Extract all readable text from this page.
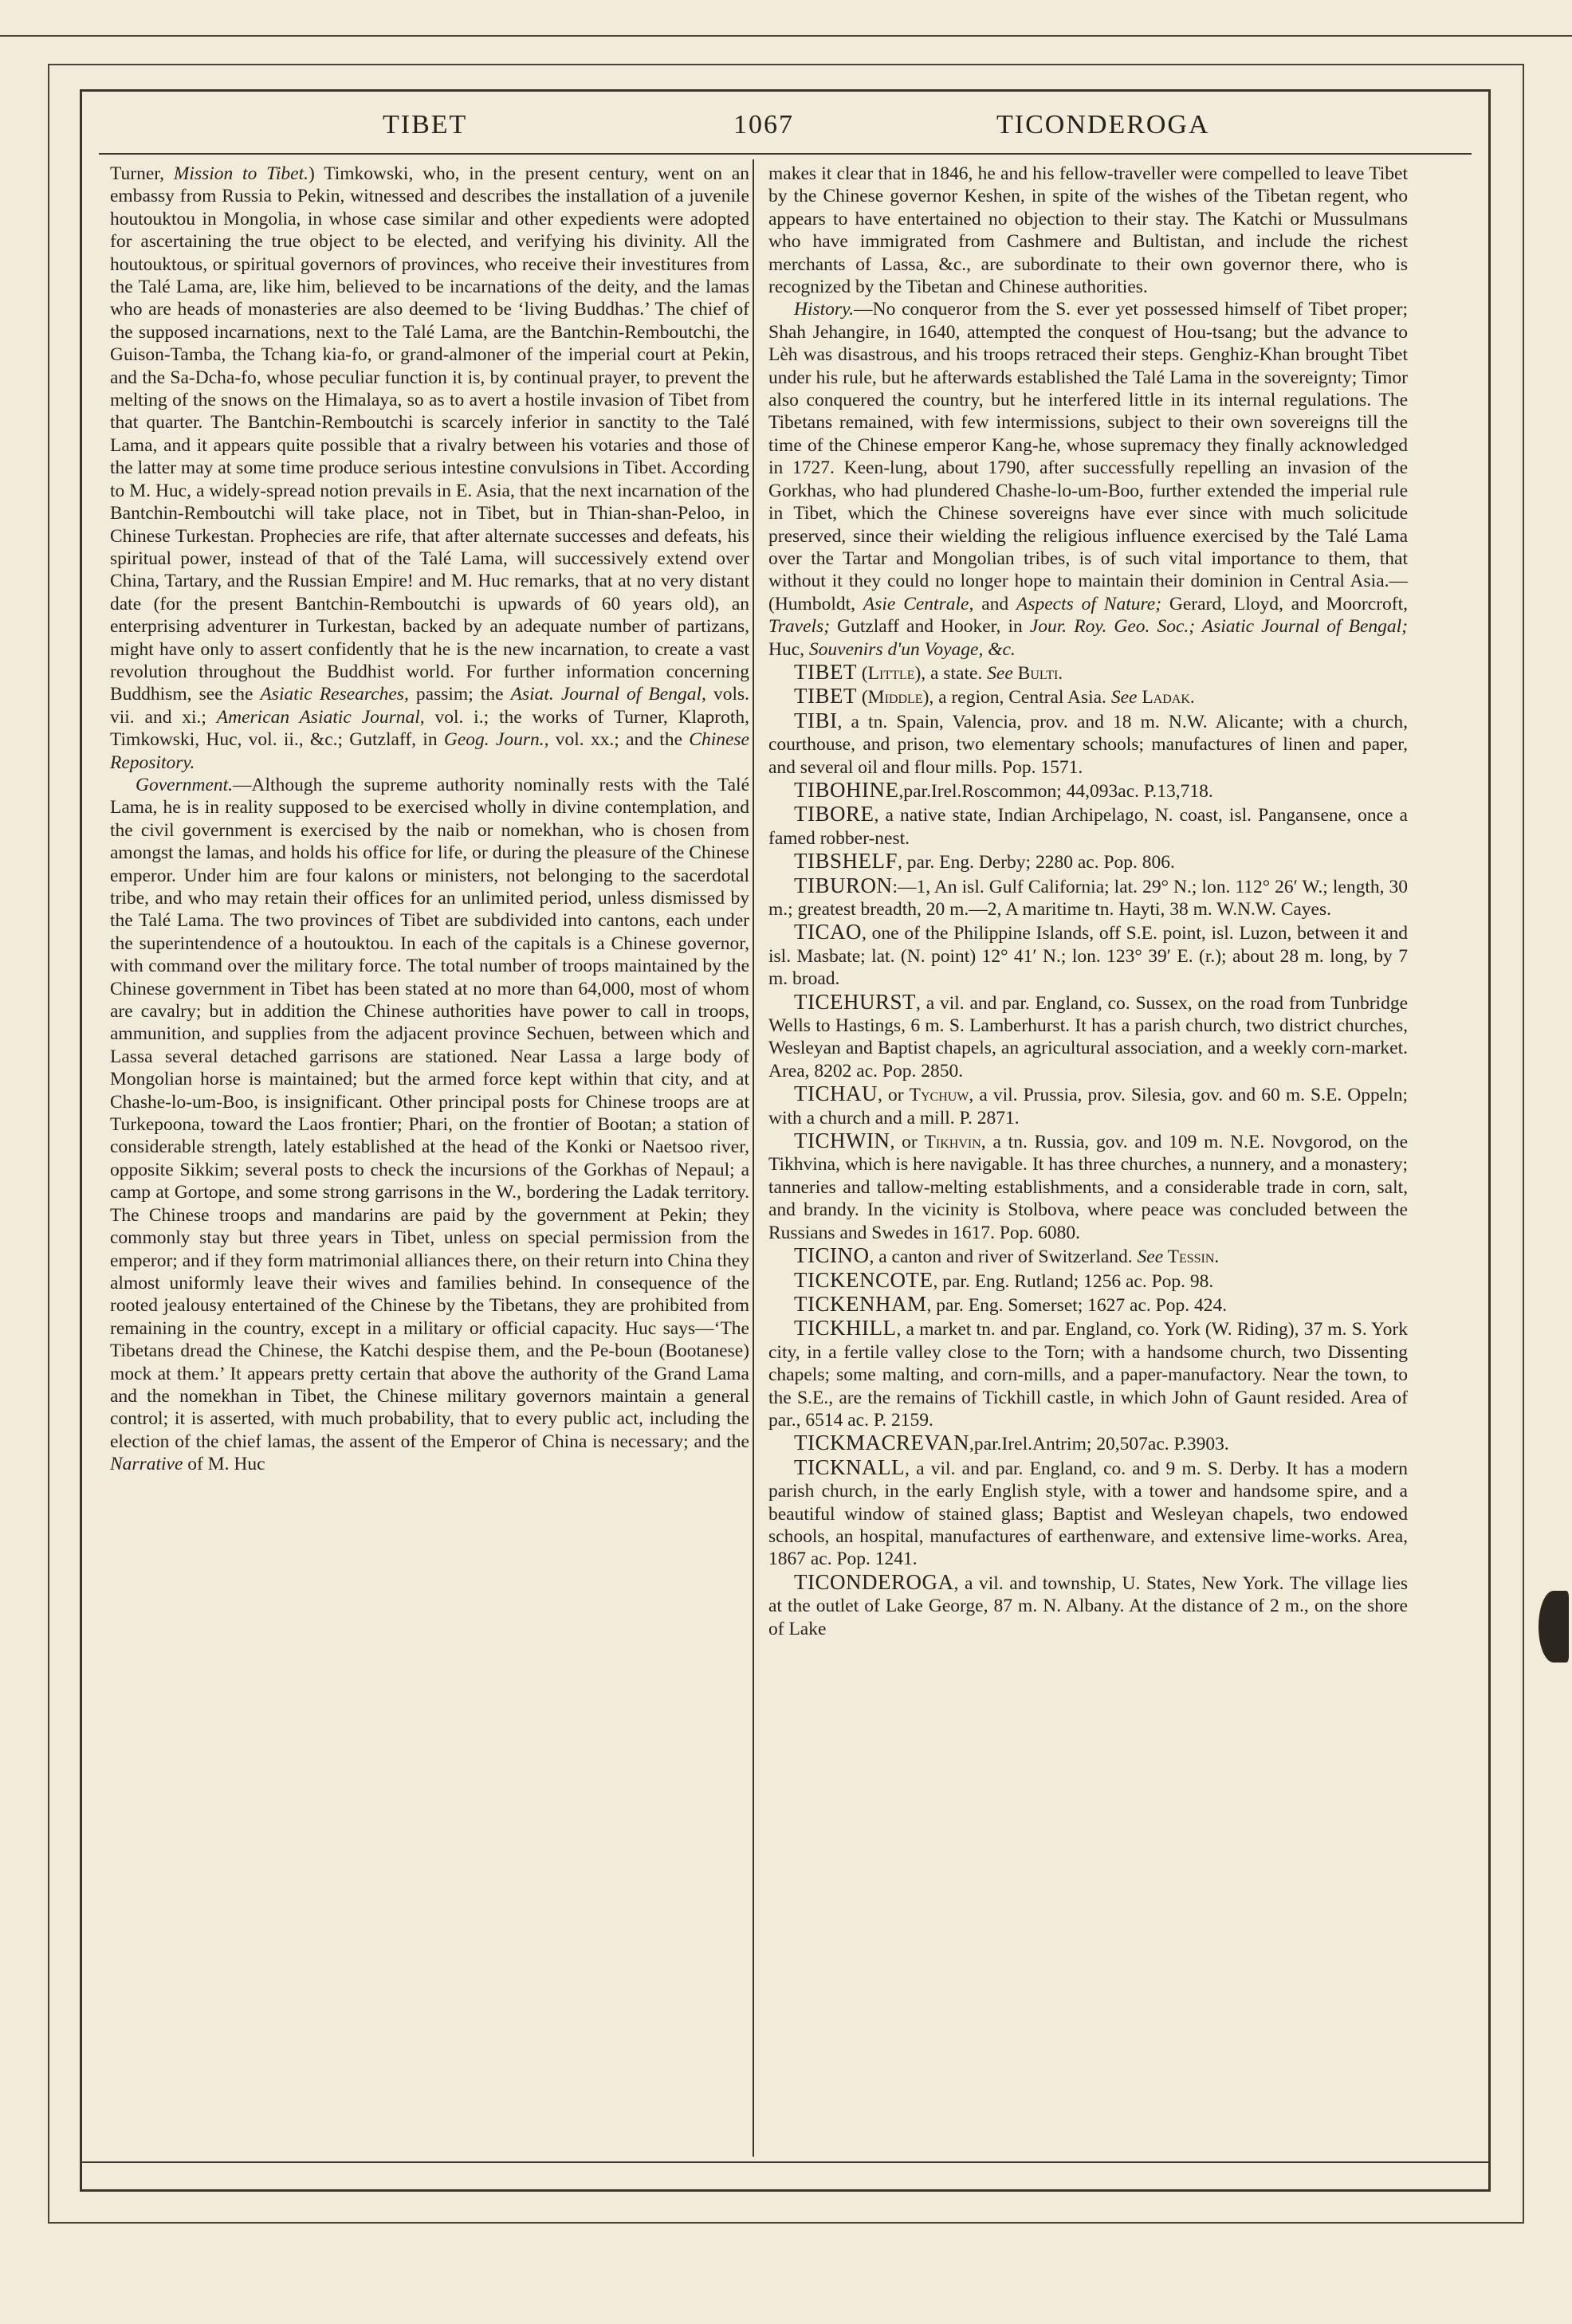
TIBET	1067	TICONDEROGA

Turner, Mission to Tibet.) Timkowski, who, in the present century, went on an embassy from Russia to Pekin, witnessed and describes the installation of a juvenile houtouktou in Mongolia, in whose case similar and other expedients were adopted for ascertaining the true object to be elected, and verifying his divinity. All the houtouktous, or spiritual governors of provinces, who receive their investitures from the Talé Lama, are, like him, believed to be incarnations of the deity, and the lamas who are heads of monasteries are also deemed to be ‘living Buddhas.’ The chief of the supposed incarnations, next to the Talé Lama, are the Bantchin-Remboutchi, the Guison-Tamba, the Tchang kia-fo, or grand-almoner of the imperial court at Pekin, and the Sa-Dcha-fo, whose peculiar function it is, by continual prayer, to prevent the melting of the snows on the Himalaya, so as to avert a hostile invasion of Tibet from that quarter. The Bantchin-Remboutchi is scarcely inferior in sanctity to the Talé Lama, and it appears quite possible that a rivalry between his votaries and those of the latter may at some time produce serious intestine convulsions in Tibet. According to M. Huc, a widely-spread notion prevails in E. Asia, that the next incarnation of the Bantchin-Remboutchi will take place, not in Tibet, but in Thian-shan-Peloo, in Chinese Turkestan. Prophecies are rife, that after alternate successes and defeats, his spiritual power, instead of that of the Talé Lama, will successively extend over China, Tartary, and the Russian Empire! and M. Huc remarks, that at no very distant date (for the present Bantchin-Remboutchi is upwards of 60 years old), an enterprising adventurer in Turkestan, backed by an adequate number of partizans, might have only to assert confidently that he is the new incarnation, to create a vast revolution throughout the Buddhist world. For further information concerning Buddhism, see the Asiatic Researches, passim; the Asiat. Journal of Bengal, vols. vii. and xi.; American Asiatic Journal, vol. i.; the works of Turner, Klaproth, Timkowski, Huc, vol. ii., &c.; Gutzlaff, in Geog. Journ., vol. xx.; and the Chinese Repository.

Government.—Although the supreme authority nominally rests with the Talé Lama, he is in reality supposed to be exercised wholly in divine contemplation, and the civil government is exercised by the naib or nomekhan, who is chosen from amongst the lamas, and holds his office for life, or during the pleasure of the Chinese emperor. Under him are four kalons or ministers, not belonging to the sacerdotal tribe, and who may retain their offices for an unlimited period, unless dismissed by the Talé Lama. The two provinces of Tibet are subdivided into cantons, each under the superintendence of a houtouktou. In each of the capitals is a Chinese governor, with command over the military force. The total number of troops maintained by the Chinese government in Tibet has been stated at no more than 64,000, most of whom are cavalry; but in addition the Chinese authorities have power to call in troops, ammunition, and supplies from the adjacent province Sechuen, between which and Lassa several detached garrisons are stationed. Near Lassa a large body of Mongolian horse is maintained; but the armed force kept within that city, and at Chashe-lo-um-Boo, is insignificant. Other principal posts for Chinese troops are at Turkepoona, toward the Laos frontier; Phari, on the frontier of Bootan; a station of considerable strength, lately established at the head of the Konki or Naetsoo river, opposite Sikkim; several posts to check the incursions of the Gorkhas of Nepaul; a camp at Gortope, and some strong garrisons in the W., bordering the Ladak territory. The Chinese troops and mandarins are paid by the government at Pekin; they commonly stay but three years in Tibet, unless on special permission from the emperor; and if they form matrimonial alliances there, on their return into China they almost uniformly leave their wives and families behind. In consequence of the rooted jealousy entertained of the Chinese by the Tibetans, they are prohibited from remaining in the country, except in a military or official capacity. Huc says—‘The Tibetans dread the Chinese, the Katchi despise them, and the Pe-boun (Bootanese) mock at them.’ It appears pretty certain that above the authority of the Grand Lama and the nomekhan in Tibet, the Chinese military governors maintain a general control; it is asserted, with much probability, that to every public act, including the election of the chief lamas, the assent of the Emperor of China is necessary; and the Narrative of M. Huc

makes it clear that in 1846, he and his fellow-traveller were compelled to leave Tibet by the Chinese governor Keshen, in spite of the wishes of the Tibetan regent, who appears to have entertained no objection to their stay. The Katchi or Mussulmans who have immigrated from Cashmere and Bultistan, and include the richest merchants of Lassa, &c., are subordinate to their own governor there, who is recognized by the Tibetan and Chinese authorities.

History.—No conqueror from the S. ever yet possessed himself of Tibet proper; Shah Jehangire, in 1640, attempted the conquest of Hou-tsang; but the advance to Lèh was disastrous, and his troops retraced their steps. Genghiz-Khan brought Tibet under his rule, but he afterwards established the Talé Lama in the sovereignty; Timor also conquered the country, but he interfered little in its internal regulations. The Tibetans remained, with few intermissions, subject to their own sovereigns till the time of the Chinese emperor Kang-he, whose supremacy they finally acknowledged in 1727. Keen-lung, about 1790, after successfully repelling an invasion of the Gorkhas, who had plundered Chashe-lo-um-Boo, further extended the imperial rule in Tibet, which the Chinese sovereigns have ever since with much solicitude preserved, since their wielding the religious influence exercised by the Talé Lama over the Tartar and Mongolian tribes, is of such vital importance to them, that without it they could no longer hope to maintain their dominion in Central Asia.—(Humboldt, Asie Centrale, and Aspects of Nature; Gerard, Lloyd, and Moorcroft, Travels; Gutzlaff and Hooker, in Jour. Roy. Geo. Soc.; Asiatic Journal of Bengal; Huc, Souvenirs d'un Voyage, &c.

TIBET (Little), a state. See Bulti.

TIBET (Middle), a region, Central Asia. See Ladak.

TIBI, a tn. Spain, Valencia, prov. and 18 m. N.W. Alicante; with a church, courthouse, and prison, two elementary schools; manufactures of linen and paper, and several oil and flour mills. Pop. 1571.

TIBOHINE,par.Irel.Roscommon; 44,093ac. P.13,718.

TIBORE, a native state, Indian Archipelago, N. coast, isl. Pangansene, once a famed robber-nest.

TIBSHELF, par. Eng. Derby; 2280 ac. Pop. 806.

TIBURON:—1, An isl. Gulf California; lat. 29° N.; lon. 112° 26′ W.; length, 30 m.; greatest breadth, 20 m.—2, A maritime tn. Hayti, 38 m. W.N.W. Cayes.

TICAO, one of the Philippine Islands, off S.E. point, isl. Luzon, between it and isl. Masbate; lat. (N. point) 12° 41′ N.; lon. 123° 39′ E. (r.); about 28 m. long, by 7 m. broad.

TICEHURST, a vil. and par. England, co. Sussex, on the road from Tunbridge Wells to Hastings, 6 m. S. Lamberhurst. It has a parish church, two district churches, Wesleyan and Baptist chapels, an agricultural association, and a weekly corn-market. Area, 8202 ac. Pop. 2850.

TICHAU, or Tychuw, a vil. Prussia, prov. Silesia, gov. and 60 m. S.E. Oppeln; with a church and a mill. P. 2871.

TICHWIN, or Tikhvin, a tn. Russia, gov. and 109 m. N.E. Novgorod, on the Tikhvina, which is here navigable. It has three churches, a nunnery, and a monastery; tanneries and tallow-melting establishments, and a considerable trade in corn, salt, and brandy. In the vicinity is Stolbova, where peace was concluded between the Russians and Swedes in 1617. Pop. 6080.

TICINO, a canton and river of Switzerland. See Tessin.

TICKENCOTE, par. Eng. Rutland; 1256 ac. Pop. 98.

TICKENHAM, par. Eng. Somerset; 1627 ac. Pop. 424.

TICKHILL, a market tn. and par. England, co. York (W. Riding), 37 m. S. York city, in a fertile valley close to the Torn; with a handsome church, two Dissenting chapels; some malting, and corn-mills, and a paper-manufactory. Near the town, to the S.E., are the remains of Tickhill castle, in which John of Gaunt resided. Area of par., 6514 ac. P. 2159.

TICKMACREVAN,par.Irel.Antrim; 20,507ac. P.3903.

TICKNALL, a vil. and par. England, co. and 9 m. S. Derby. It has a modern parish church, in the early English style, with a tower and handsome spire, and a beautiful window of stained glass; Baptist and Wesleyan chapels, two endowed schools, an hospital, manufactures of earthenware, and extensive lime-works. Area, 1867 ac. Pop. 1241.

TICONDEROGA, a vil. and township, U. States, New York. The village lies at the outlet of Lake George, 87 m. N. Albany. At the distance of 2 m., on the shore of Lake
